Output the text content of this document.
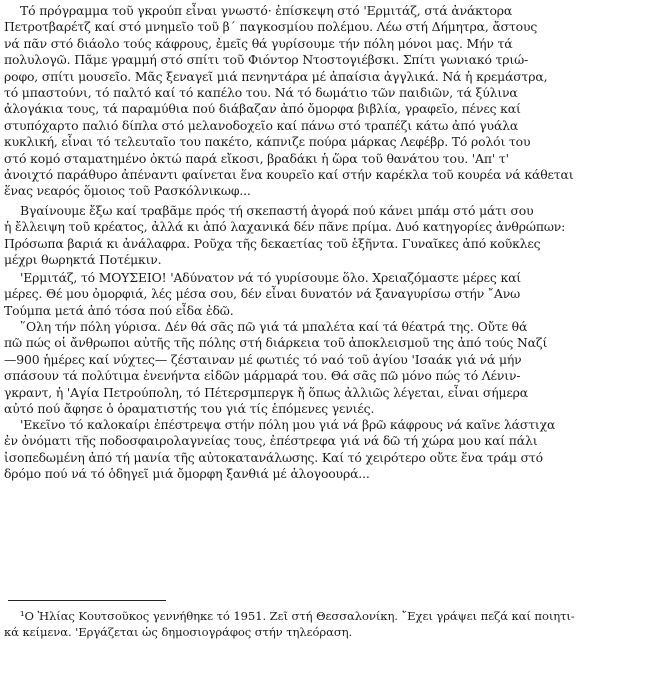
Τό πρόγραμμα τοῦ γκρούπ εἶναι γνωστό· ἐπίσκεψη στό 'Ερμιτάζ, στά ἀνάκτορα
Πετροτβαρέτζ καί στό μνημεῖο τοῦ β΄ παγκοσμίου πολέμου. Λέω στή Δήμητρα, ἄστους
νά πᾶν στό διάολο τούς κάφρους, ἐμεῖς θά γυρίσουμε τήν πόλη μόνοι μας. Μήν τά
πολυλογῶ. Πᾶμε γραμμή στό σπίτι τοῦ Φιόντορ Ντοστογιέβσκι. Σπίτι γωνιακό τριώ-
ροφο, σπίτι μουσεῖο. Μᾶς ξεναγεῖ μιά πενηντάρα μέ ἀπαίσια ἀγγλικά. Νά ἡ κρεμάστρα,
τό μπαστούνι, τό παλτό καί τό καπέλο του. Νά τό δωμάτιο τῶν παιδιῶν, τά ξύλινα
ἀλογάκια τους, τά παραμύθια πού διάβαζαν ἀπό ὄμορφα βιβλία, γραφεῖο, πένες καί
στυπόχαρτο παλιό δίπλα στό μελανοδοχεῖο καί πάνω στό τραπέζι κάτω ἀπό γυάλα
κυκλική, εἶναι τό τελευταῖο του πακέτο, κάπνιζε πούρα μάρκας Λεφέβρ. Τό ρολόι του
στό κομό σταματημένο ὀκτώ παρά εἴκοσι, βραδάκι ἡ ὥρα τοῦ θανάτου του. 'Απ' τ'
ἀνοιχτό παράθυρο ἀπέναντι φαίνεται ἕνα κουρεῖο καί στήν καρέκλα τοῦ κουρέα νά κάθεται
ἕνας νεαρός ὅμοιος τοῦ Ρασκόλνικωφ...
Βγαίνουμε ἔξω καί τραβᾶμε πρός τή σκεπαστή ἀγορά πού κάνει μπάμ στό μάτι σου
ἡ ἔλλειψη τοῦ κρέατος, ἀλλά κι ἀπό λαχανικά δέν πᾶνε πρίμα. Δυό κατηγορίες ἀνθρώπων:
Πρόσωπα βαριά κι ἀνάλαφρα. Ροῦχα τῆς δεκαετίας τοῦ ἑξῆντα. Γυναῖκες ἀπό κοῦκλες
μέχρι θωρηκτά Ποτέμκιν.
'Ερμιτάζ, τό ΜΟΥΣΕΙΟ! 'Αδύνατον νά τό γυρίσουμε ὅλο. Χρειαζόμαστε μέρες καί
μέρες. Θέ μου ὀμορφιά, λές μέσα σου, δέν εἶναι δυνατόν νά ξαναγυρίσω στήν ῎Ανω
Τούμπα μετά ἀπό τόσα πού εἶδα ἐδῶ.
῞Ολη τήν πόλη γύρισα. Δέν θά σᾶς πῶ γιά τά μπαλέτα καί τά θέατρά της. Οὔτε θά
πῶ πώς οἱ ἄνθρωποι αὐτῆς τῆς πόλης στή διάρκεια τοῦ ἀποκλεισμοῦ της ἀπό τούς Ναζί
—900 ἡμέρες καί νύχτες— ζέσταιναν μέ φωτιές τό ναό τοῦ ἁγίου 'Ισαάκ γιά νά μήν
σπάσουν τά πολύτιμα ἐνενήντα εἰδῶν μάρμαρά του. Θά σᾶς πῶ μόνο πώς τό Λένιν-
γκραντ, ἡ 'Αγία Πετρούπολη, τό Πέτερσμπεργκ ἤ ὅπως ἀλλιῶς λέγεται, εἶναι σήμερα
αὐτό πού ἄφησε ὁ ὁραματιστής του γιά τίς ἑπόμενες γενιές.
'Εκεῖνο τό καλοκαίρι ἐπέστρεψα στήν πόλη μου γιά νά βρῶ κάφρους νά καῖνε λάστιχα
ἐν ὀνόματι τῆς ποδοσφαιρολαγνείας τους, ἐπέστρεφα γιά νά δῶ τή χώρα μου καί πάλι
ἰσοπεδωμένη ἀπό τή μανία τῆς αὐτοκατανάλωσης. Καί τό χειρότερο οὔτε ἕνα τράμ στό
δρόμο πού νά τό ὁδηγεῖ μιά ὄμορφη ξανθιά μέ ἀλογοουρά...
¹Ο Ἠλίας Κουτσοῦκος γεννήθηκε τό 1951. Ζεῖ στή Θεσσαλονίκη. ῎Εχει γράψει πεζά καί ποιητι-
κά κείμενα. 'Εργάζεται ὡς δημοσιογράφος στήν τηλεόραση.
